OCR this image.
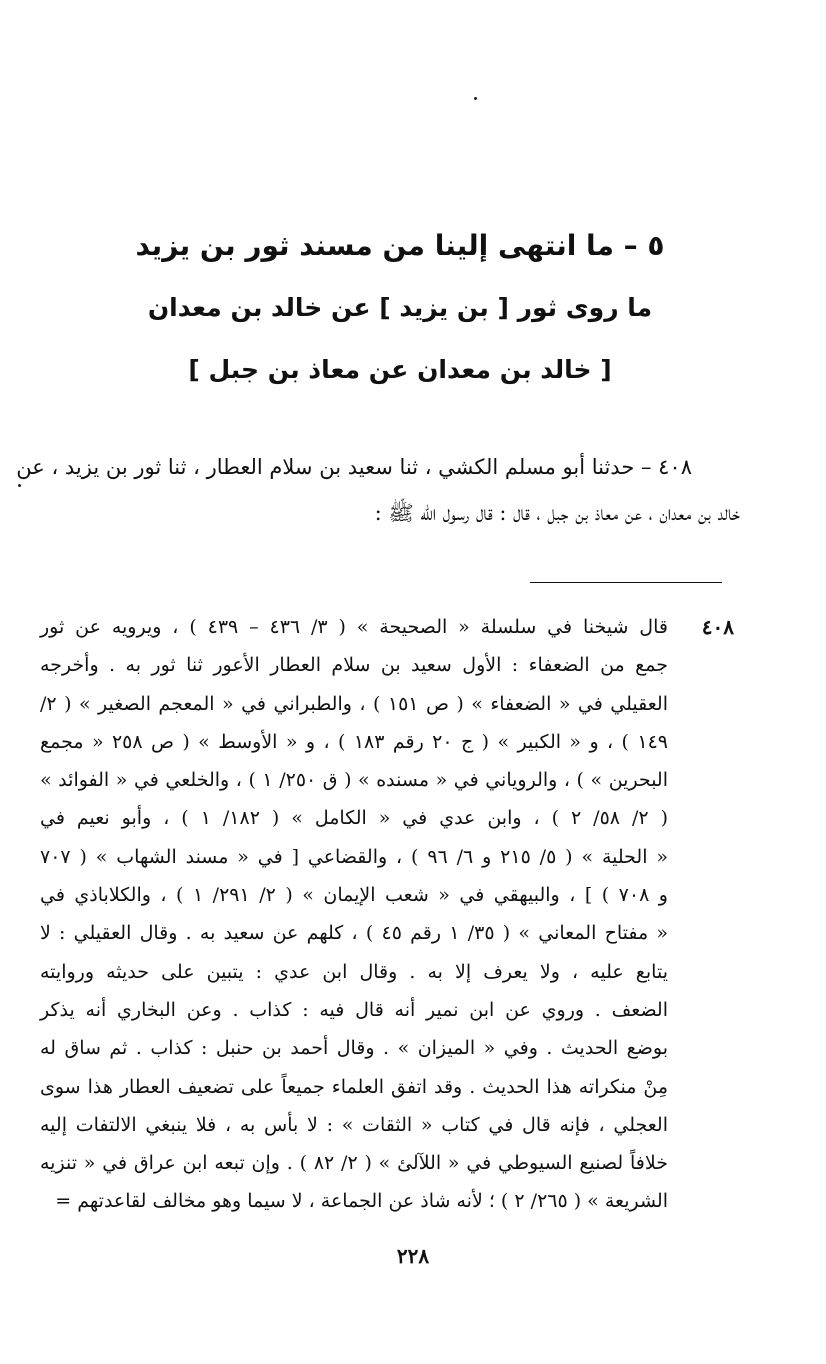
٥ – ما انتهى إلينا من مسند ثور بن يزيد
ما روى ثور [ بن يزيد ] عن خالد بن معدان
[ خالد بن معدان عن معاذ بن جبل ]
٤٠٨ – حدثنا أبو مسلم الكشي ، ثنا سعيد بن سلام العطار ، ثنا ثور بن يزيد ، عن
خالد بن معدان ، عن معاذ بن جبل ، قال : قال رسول الله ﷺ :
٤٠٨
قال شيخنا في سلسلة « الصحيحة » ( ٣/ ٤٣٦ – ٤٣٩ ) ، ويرويه عن ثور
جمع من الضعفاء : الأول سعيد بن سلام العطار الأعور ثنا ثور به . وأخرجه
العقيلي في « الضعفاء » ( ص ١٥١ ) ، والطبراني في « المعجم الصغير » ( ٢/
١٤٩ ) ، و « الكبير » ( ج ٢٠ رقم ١٨٣ ) ، و « الأوسط » ( ص ٢٥٨ « مجمع
البحرين » ) ، والروياني في « مسنده » ( ق ٢٥٠/ ١ ) ، والخلعي في « الفوائد »
( ٢/ ٥٨/ ٢ ) ، وابن عدي في « الكامل » ( ١٨٢/ ١ ) ، وأبو نعيم في
« الحلية » ( ٥/ ٢١٥ و ٦/ ٩٦ ) ، والقضاعي [ في « مسند الشهاب » ( ٧٠٧
و ٧٠٨ ) ] ، والبيهقي في « شعب الإيمان » ( ٢/ ٢٩١/ ١ ) ، والكلاباذي في
« مفتاح المعاني » ( ٣٥/ ١ رقم ٤٥ ) ، كلهم عن سعيد به . وقال العقيلي : لا
يتابع عليه ، ولا يعرف إلا به . وقال ابن عدي : يتبين على حديثه وروايته
الضعف . وروي عن ابن نمير أنه قال فيه : كذاب . وعن البخاري أنه يذكر
بوضع الحديث . وفي « الميزان » . وقال أحمد بن حنبل : كذاب . ثم ساق له
مِنْ منكراته هذا الحديث . وقد اتفق العلماء جميعاً على تضعيف العطار هذا سوى
العجلي ، فإنه قال في كتاب « الثقات » : لا بأس به ، فلا ينبغي الالتفات إليه
خلافاً لصنيع السيوطي في « اللآلئ » ( ٢/ ٨٢ ) . وإن تبعه ابن عراق في « تنزيه
الشريعة » ( ٢٦٥/ ٢ ) ؛ لأنه شاذ عن الجماعة ، لا سيما وهو مخالف لقاعدتهم =
٢٢٨
